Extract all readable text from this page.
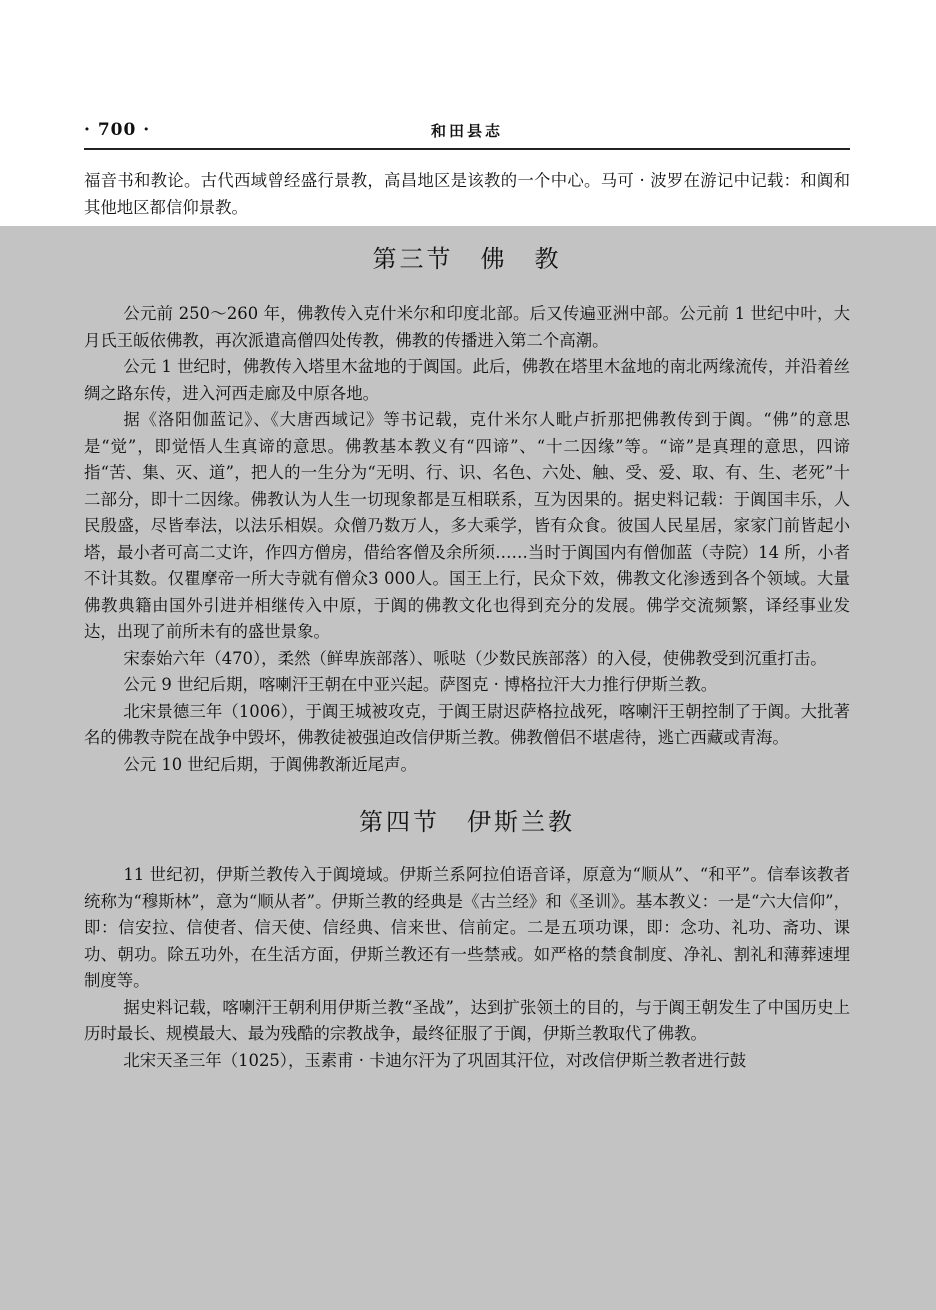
· 700 ·	和田县志

福音书和教论。古代西域曾经盛行景教，高昌地区是该教的一个中心。马可 · 波罗在游记中记载：和阗和其他地区都信仰景教。

第三节　佛　教

公元前 250～260 年，佛教传入克什米尔和印度北部。后又传遍亚洲中部。公元前 1 世纪中叶，大月氏王皈依佛教，再次派遣高僧四处传教，佛教的传播进入第二个高潮。

公元 1 世纪时，佛教传入塔里木盆地的于阗国。此后，佛教在塔里木盆地的南北两缘流传，并沿着丝绸之路东传，进入河西走廊及中原各地。

据《洛阳伽蓝记》、《大唐西域记》等书记载，克什米尔人毗卢折那把佛教传到于阗。“佛”的意思是“觉”，即觉悟人生真谛的意思。佛教基本教义有“四谛”、“十二因缘”等。“谛”是真理的意思，四谛指“苦、集、灭、道”，把人的一生分为“无明、行、识、名色、六处、触、受、爱、取、有、生、老死”十二部分，即十二因缘。佛教认为人生一切现象都是互相联系，互为因果的。据史料记载：于阗国丰乐，人民殷盛，尽皆奉法，以法乐相娱。众僧乃数万人，多大乘学，皆有众食。彼国人民星居，家家门前皆起小塔，最小者可高二丈许，作四方僧房，借给客僧及余所须……当时于阗国内有僧伽蓝（寺院）14 所，小者不计其数。仅瞿摩帝一所大寺就有僧众3 000人。国王上行，民众下效，佛教文化渗透到各个领域。大量佛教典籍由国外引进并相继传入中原，于阗的佛教文化也得到充分的发展。佛学交流频繁，译经事业发达，出现了前所未有的盛世景象。

宋泰始六年（470），柔然（鲜卑族部落）、哌哒（少数民族部落）的入侵，使佛教受到沉重打击。

公元 9 世纪后期，喀喇汗王朝在中亚兴起。萨图克 · 博格拉汗大力推行伊斯兰教。

北宋景德三年（1006），于阗王城被攻克，于阗王尉迟萨格拉战死，喀喇汗王朝控制了于阗。大批著名的佛教寺院在战争中毁坏，佛教徒被强迫改信伊斯兰教。佛教僧侣不堪虐待，逃亡西藏或青海。

公元 10 世纪后期，于阗佛教渐近尾声。

第四节　伊斯兰教

11 世纪初，伊斯兰教传入于阗境域。伊斯兰系阿拉伯语音译，原意为“顺从”、“和平”。信奉该教者统称为“穆斯林”，意为“顺从者”。伊斯兰教的经典是《古兰经》和《圣训》。基本教义：一是“六大信仰”，即：信安拉、信使者、信天使、信经典、信来世、信前定。二是五项功课，即：念功、礼功、斋功、课功、朝功。除五功外，在生活方面，伊斯兰教还有一些禁戒。如严格的禁食制度、净礼、割礼和薄葬速埋制度等。

据史料记载，喀喇汗王朝利用伊斯兰教“圣战”，达到扩张领土的目的，与于阗王朝发生了中国历史上历时最长、规模最大、最为残酷的宗教战争，最终征服了于阗，伊斯兰教取代了佛教。

北宋天圣三年（1025），玉素甫 · 卡迪尔汗为了巩固其汗位，对改信伊斯兰教者进行鼓
